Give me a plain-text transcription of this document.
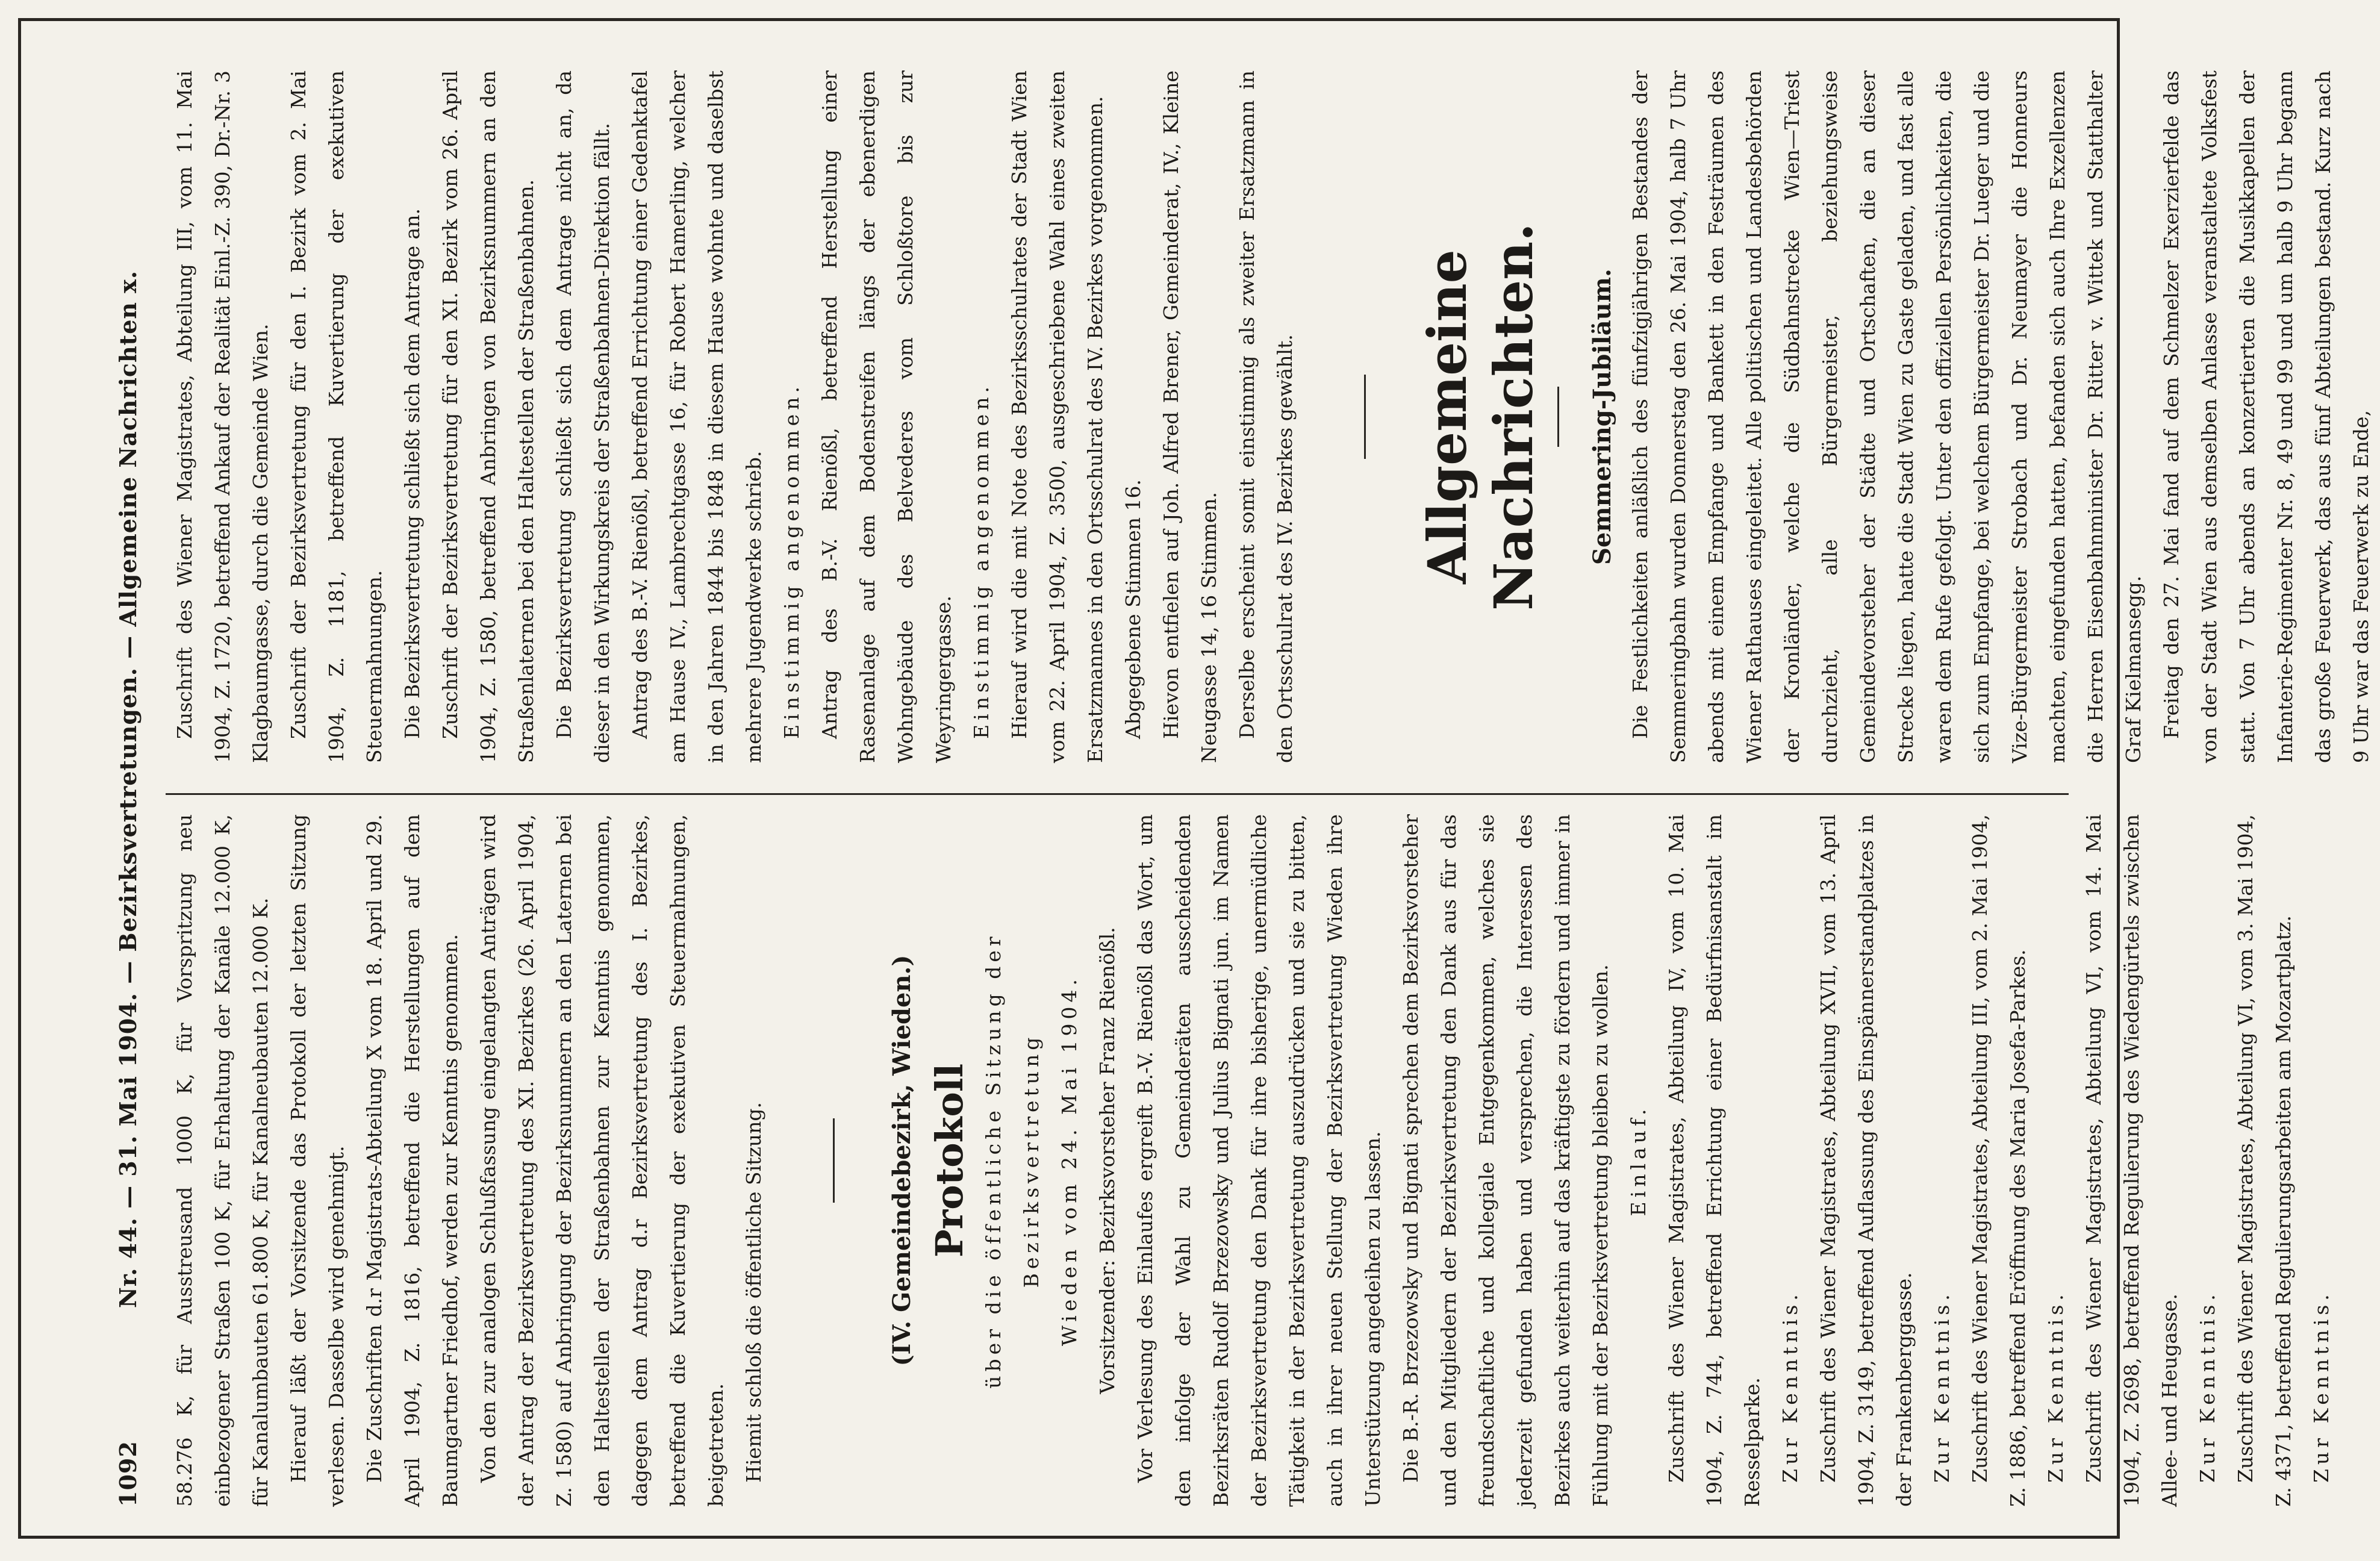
1092
Nr. 44. — 31. Mai 1904. — Bezirksvertretungen. — Allgemeine Nachrichten x.	58.276 K, für Ausstreusand 1000 K, für Vorspritzung neu einbezogener Straßen 100 K, für Erhaltung der Kanäle 12.000 K, für Kanalumbauten 61.800 K, für Kanalneubauten 12.000 K. Hierauf läßt der Vorsitzende das Protokoll der letzten Sitzung verlesen. Dasselbe wird genehmigt. Die Zuschriften d.r Magistrats-Abteilung X vom 18. April und 29. April 1904, Z. 1816, betreffend die Herstellungen auf dem Baumgartner Friedhof, werden zur Kenntnis genommen. Von den zur analogen Schlußfassung eingelangten Anträgen wird der Antrag der Bezirksvertretung des XI. Bezirkes (26. April 1904, Z. 1580) auf Anbringung der Bezirksnummern an den Laternen bei den Haltestellen der Straßenbahnen zur Kenntnis genommen, dagegen dem Antrag d.r Bezirksvertretung des I. Bezirkes, betreffend die Kuvertierung der exekutiven Steuermahnungen, beigetreten. Hiemit schloß die öffentliche Sitzung.	(IV. Gemeindebezirk, Wieden.) Protokoll über die öffentliche Sitzung der Bezirksvertretung Wieden vom 24. Mai 1904. Vorsitzender: Bezirksvorsteher Franz Rienößl. Vor Verlesung des Einlaufes ergreift B.-V. Rienößl das Wort, um den infolge der Wahl zu Gemeinderäten ausscheidenden Bezirksräten Rudolf Brzezowsky und Julius Bignati jun. im Namen der Bezirksvertretung den Dank für ihre bisherige, unermüdliche Tätigkeit in der Bezirksvertretung auszudrücken und sie zu bitten, auch in ihrer neuen Stellung der Bezirksvertretung Wieden ihre Unterstützung angedeihen zu lassen. Die B.-R. Brzezowsky und Bignati sprechen dem Bezirksvorsteher und den Mitgliedern der Bezirksvertretung den Dank aus für das freundschaftliche und kollegiale Entgegenkommen, welches sie jederzeit gefunden haben und versprechen, die Interessen des Bezirkes auch weiterhin auf das kräftigste zu fördern und immer in Fühlung mit der Bezirksvertretung bleiben zu wollen. Einlauf. Zuschrift des Wiener Magistrates, Abteilung IV, vom 10. Mai 1904, Z. 744, betreffend Errichtung einer Bedürfnisanstalt im Resselparke. Zur Kenntnis. Zuschrift des Wiener Magistrates, Abteilung XVII, vom 13. April 1904, Z. 3149, betreffend Auflassung des Einspännerstandplatzes in der Frankenberggasse. Zur Kenntnis. Zuschrift des Wiener Magistrates, Abteilung III, vom 2. Mai 1904, Z. 1886, betreffend Eröffnung des Maria Josefa-Parkes. Zur Kenntnis. Zuschrift des Wiener Magistrates, Abteilung VI, vom 14. Mai 1904, Z. 2698, betreffend Regulierung des Wiedengürtels zwischen Allee- und Heugasse. Zur Kenntnis. Zuschrift des Wiener Magistrates, Abteilung VI, vom 3. Mai 1904, Z. 4371, betreffend Regulierungsarbeiten am Mozartplatz. Zur Kenntnis.

Zuschrift des Wiener Magistrates, Abteilung III, vom 11. Mai 1904, Z. 1720, betreffend Ankauf der Realität Einl.-Z. 390, Dr.-Nr. 3 Klagbaumgasse, durch die Gemeinde Wien. Zuschrift der Bezirksvertretung für den I. Bezirk vom 2. Mai 1904, Z. 1181, betreffend Kuvertierung der exekutiven Steuermahnungen. Die Bezirksvertretung schließt sich dem Antrage an. Zuschrift der Bezirksvertretung für den XI. Bezirk vom 26. April 1904, Z. 1580, betreffend Anbringen von Bezirksnummern an den Straßenlaternen bei den Haltestellen der Straßenbahnen. Die Bezirksvertretung schließt sich dem Antrage nicht an, da dieser in den Wirkungskreis der Straßenbahnen-Direktion fällt. Antrag des B.-V. Rienößl, betreffend Errichtung einer Gedenktafel am Hause IV., Lambrechtgasse 16, für Robert Hamerling, welcher in den Jahren 1844 bis 1848 in diesem Hause wohnte und daselbst mehrere Jugendwerke schrieb. Einstimmig angenommen. Antrag des B.-V. Rienößl, betreffend Herstellung einer Rasenanlage auf dem Bodenstreifen längs der ebenerdigen Wohngebäude des Belvederes vom Schloßtore bis zur Weyringergasse. Einstimmig angenommen. Hierauf wird die mit Note des Bezirksschulrates der Stadt Wien vom 22. April 1904, Z. 3500, ausgeschriebene Wahl eines zweiten Ersatzmannes in den Ortsschulrat des IV. Bezirkes vorgenommen. Abgegebene Stimmen 16. Hievon entfielen auf Joh. Alfred Brener, Gemeinderat, IV., Kleine Neugasse 14, 16 Stimmen. Derselbe erscheint somit einstimmig als zweiter Ersatzmann in den Ortsschulrat des IV. Bezirkes gewählt. Allgemeine Nachrichten. Semmering-Jubiläum. Die Festlichkeiten anläßlich des fünfzigjährigen Bestandes der Semmeringbahn wurden Donnerstag den 26. Mai 1904, halb 7 Uhr abends mit einem Empfange und Bankett in den Festräumen des Wiener Rathauses eingeleitet. Alle politischen und Landesbehörden der Kronländer, welche die Südbahnstrecke Wien—Triest durchzieht, alle Bürgermeister, beziehungsweise Gemeindevorsteher der Städte und Ortschaften, die an dieser Strecke liegen, hatte die Stadt Wien zu Gaste geladen, und fast alle waren dem Rufe gefolgt. Unter den offiziellen Persönlichkeiten, die sich zum Empfange, bei welchem Bürgermeister Dr. Lueger und die Vize-Bürgermeister Strobach und Dr. Neumayer die Honneurs machten, eingefunden hatten, befanden sich auch Ihre Exzellenzen die Herren Eisenbahnminister Dr. Ritter v. Wittek und Statthalter Graf Kielmansegg. Freitag den 27. Mai fand auf dem Schmelzer Exerzierfelde das von der Stadt Wien aus demselben Anlasse veranstaltete Volksfest statt. Von 7 Uhr abends an konzertierten die Musikkapellen der Infanterie-Regimenter Nr. 8, 49 und 99 und um halb 9 Uhr begann das große Feuerwerk, das aus fünf Abteilungen bestand. Kurz nach 9 Uhr war das Feuerwerk zu Ende,
